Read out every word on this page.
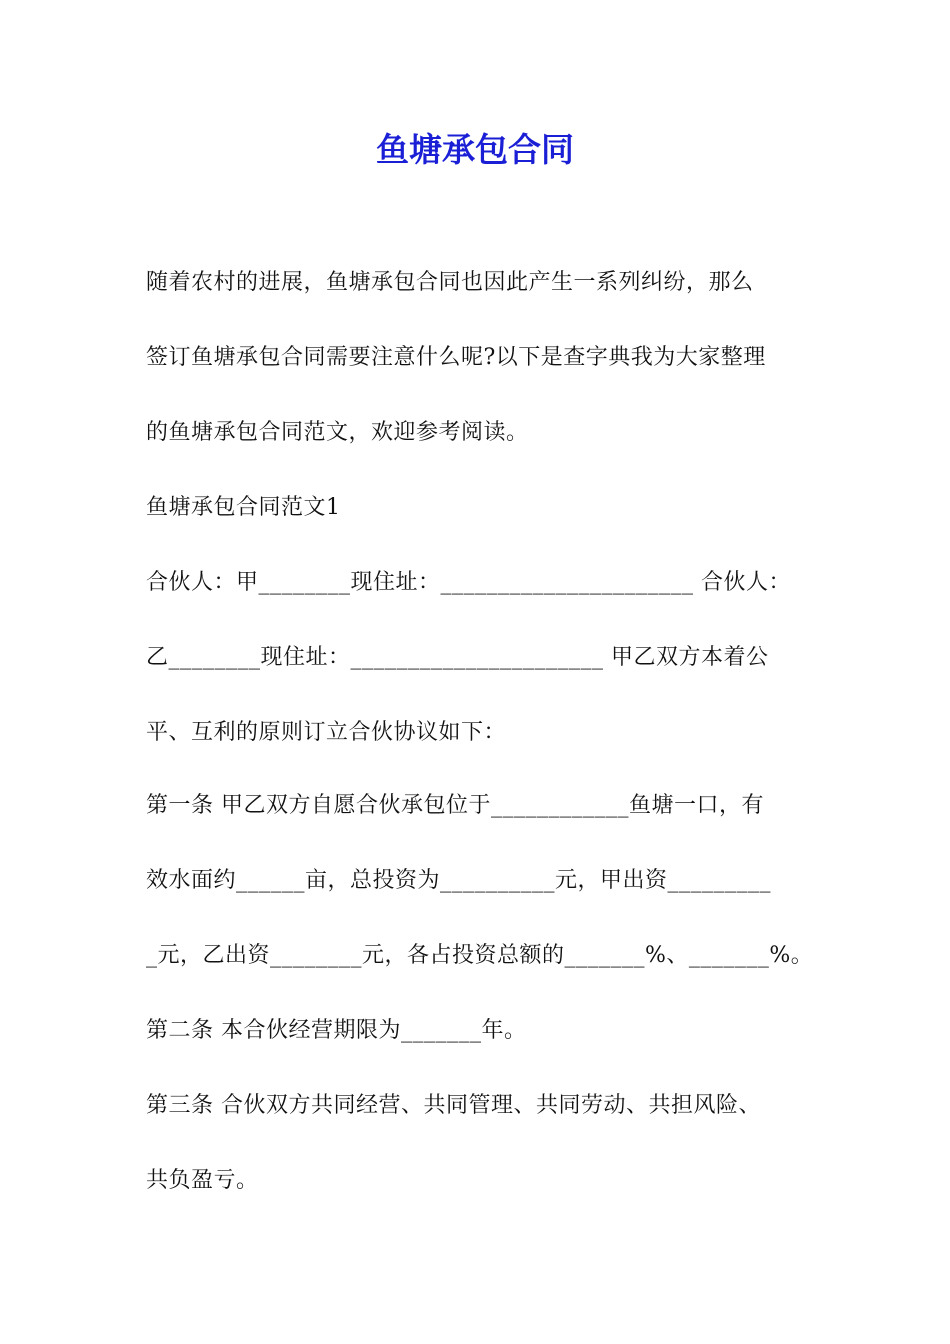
鱼塘承包合同
随着农村的进展，鱼塘承包合同也因此产生一系列纠纷，那么
签订鱼塘承包合同需要注意什么呢?以下是查字典我为大家整理
的鱼塘承包合同范文，欢迎参考阅读。
鱼塘承包合同范文1
合伙人：甲________现住址：______________________ 合伙人：
乙________现住址：______________________ 甲乙双方本着公
平、互利的原则订立合伙协议如下：
第一条 甲乙双方自愿合伙承包位于____________鱼塘一口，有
效水面约______亩，总投资为__________元，甲出资_________
_元，乙出资________元，各占投资总额的_______%、_______%。
第二条 本合伙经营期限为_______年。
第三条 合伙双方共同经营、共同管理、共同劳动、共担风险、
共负盈亏。
